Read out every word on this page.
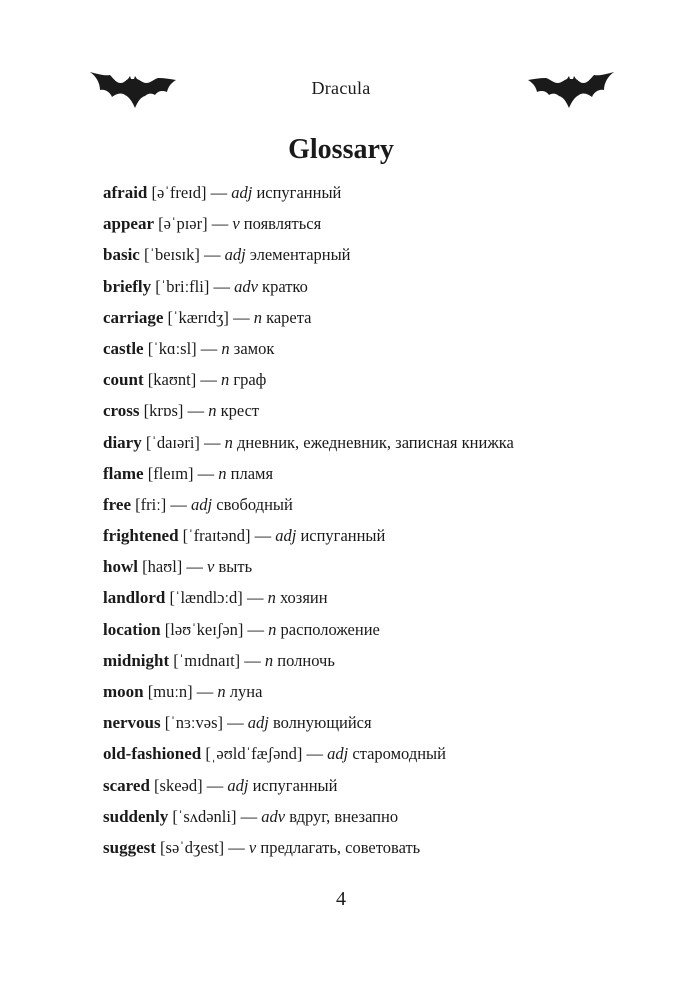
Dracula
Glossary
afraid [əˈfreɪd] — adj испуганный
appear [əˈpɪər] — v появляться
basic [ˈbeɪsɪk] — adj элементарный
briefly [ˈbriːfli] — adv кратко
carriage [ˈkærɪdʒ] — n карета
castle [ˈkɑːsl] — n замок
count [kaʊnt] — n граф
cross [krɒs] — n крест
diary [ˈdaɪəri] — n дневник, ежедневник, записная книжка
flame [fleɪm] — n пламя
free [friː] — adj свободный
frightened [ˈfraɪtənd] — adj испуганный
howl [haʊl] — v выть
landlord [ˈlændlɔːd] — n хозяин
location [ləʊˈkeɪʃən] — n расположение
midnight [ˈmɪdnaɪt] — n полночь
moon [muːn] — n луна
nervous [ˈnɜːvəs] — adj волнующийся
old-fashioned [ˌəʊldˈfæʃənd] — adj старомодный
scared [skeəd] — adj испуганный
suddenly [ˈsʌdənli] — adv вдруг, внезапно
suggest [səˈdʒest] — v предлагать, советовать
4
